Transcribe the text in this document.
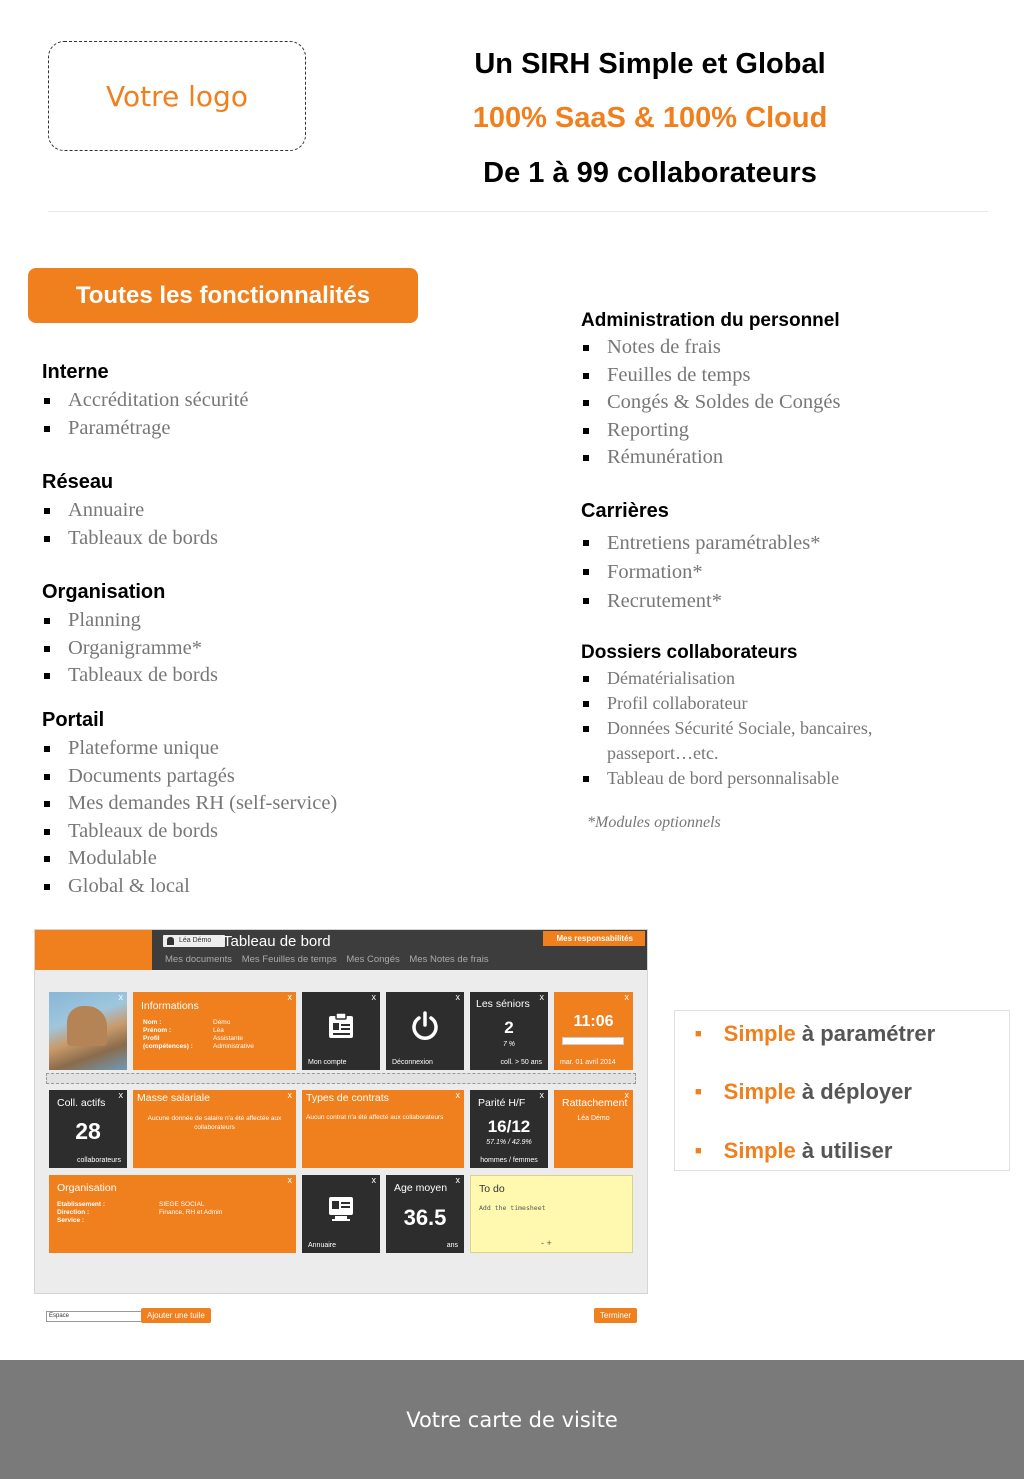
Votre logo
Un SIRH Simple et Global
100% SaaS & 100% Cloud
De 1 à 99 collaborateurs
Toutes les fonctionnalités

Interne

Accréditation sécurité
Paramétrage

Réseau

Annuaire
Tableaux de bords

Organisation

Planning
Organigramme*
Tableaux de bords

Portail

Plateforme unique
Documents partagés
Mes demandes RH (self-service)
Tableaux de bords
Modulable
Global & local

Administration du personnel

Notes de frais
Feuilles de temps
Congés & Soldes de Congés
Reporting
Rémunération

Carrières

Entretiens paramétrables*
Formation*
Recrutement*

Dossiers collaborateurs

Dématérialisation
Profil collaborateur
Données Sécurité Sociale, bancaires,
passeport…etc.
Tableau de bord personnalisable
*Modules optionnels
Léa Démo Tableau de bord	Mes responsabilités
Mes documents Mes Feuilles de temps Mes Congés Mes Notes de frais
x
Informations
x
Nom :	Démo
Prénom :	Léa
Profil	Assistante
(compétences) :	Administrative
x
Mon compte
x
Déconnexion
Les séniors
x
2
7 %
coll. > 50 ans
x
11:06
mar. 01 avril 2014
Coll. actifs
x
28
collaborateurs
Masse salariale	x
Aucune donnée de salaire n'a été affectée aux collaborateurs
Types de contrats	x
Aucun contrat n'a été affecté aux collaborateurs
Parité H/F
x
16/12
57.1% / 42.9%
hommes / femmes
Rattachement
x
Léa Démo
Organisation
x
Etablissement :	SIEGE SOCIAL
Direction :	Finance, RH et Admin
Service :
x
Annuaire
Age moyen
x
36.5
ans
To do
Add the timesheet
- +
Espace	Ajouter une tuile	Terminer
■ Simple à paramétrer
■ Simple à déployer
■ Simple à utiliser
Votre carte de visite
